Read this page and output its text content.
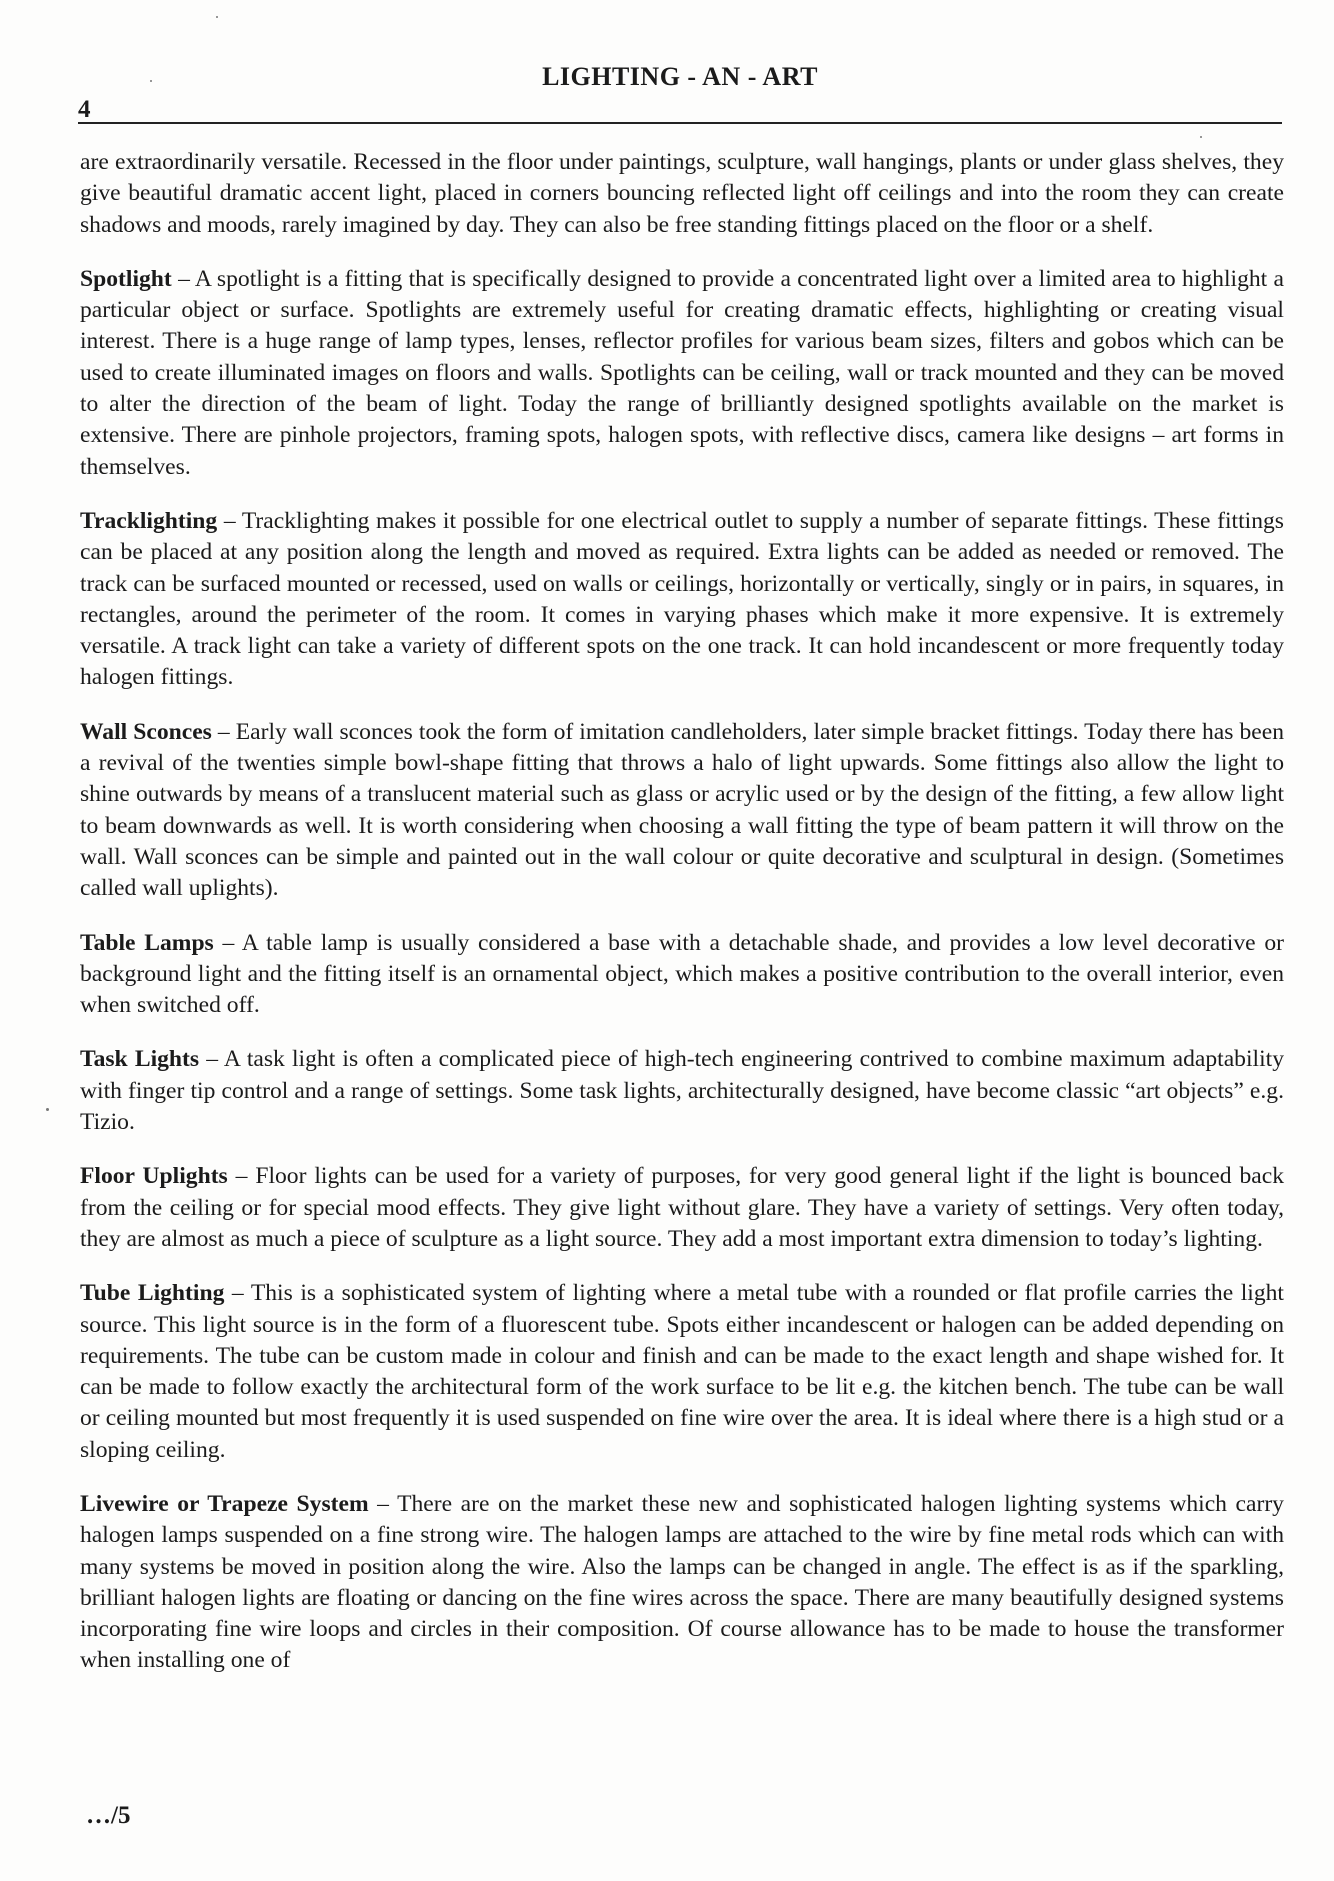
LIGHTING - AN - ART
4

are extraordinarily versatile. Recessed in the floor under paintings, sculpture, wall hangings, plants or under glass shelves, they give beautiful dramatic accent light, placed in corners bouncing reflected light off ceilings and into the room they can create shadows and moods, rarely imagined by day. They can also be free standing fittings placed on the floor or a shelf.

Spotlight – A spotlight is a fitting that is specifically designed to provide a concentrated light over a limited area to highlight a particular object or surface. Spotlights are extremely useful for creating dramatic effects, highlighting or creating visual interest. There is a huge range of lamp types, lenses, reflector profiles for various beam sizes, filters and gobos which can be used to create illuminated images on floors and walls. Spotlights can be ceiling, wall or track mounted and they can be moved to alter the direction of the beam of light. Today the range of brilliantly designed spotlights available on the market is extensive. There are pinhole projectors, framing spots, halogen spots, with reflective discs, camera like designs – art forms in themselves.

Tracklighting – Tracklighting makes it possible for one electrical outlet to supply a number of separate fittings. These fittings can be placed at any position along the length and moved as required. Extra lights can be added as needed or removed. The track can be surfaced mounted or recessed, used on walls or ceilings, horizontally or vertically, singly or in pairs, in squares, in rectangles, around the perimeter of the room. It comes in varying phases which make it more expensive. It is extremely versatile. A track light can take a variety of different spots on the one track. It can hold incandescent or more frequently today halogen fittings.

Wall Sconces – Early wall sconces took the form of imitation candleholders, later simple bracket fittings. Today there has been a revival of the twenties simple bowl-shape fitting that throws a halo of light upwards. Some fittings also allow the light to shine outwards by means of a translucent material such as glass or acrylic used or by the design of the fitting, a few allow light to beam downwards as well. It is worth considering when choosing a wall fitting the type of beam pattern it will throw on the wall. Wall sconces can be simple and painted out in the wall colour or quite decorative and sculptural in design. (Sometimes called wall uplights).

Table Lamps – A table lamp is usually considered a base with a detachable shade, and provides a low level decorative or background light and the fitting itself is an ornamental object, which makes a positive contribution to the overall interior, even when switched off.

Task Lights – A task light is often a complicated piece of high-tech engineering contrived to combine maximum adaptability with finger tip control and a range of settings. Some task lights, architecturally designed, have become classic “art objects” e.g. Tizio.

Floor Uplights – Floor lights can be used for a variety of purposes, for very good general light if the light is bounced back from the ceiling or for special mood effects. They give light without glare. They have a variety of settings. Very often today, they are almost as much a piece of sculpture as a light source. They add a most important extra dimension to today’s lighting.

Tube Lighting – This is a sophisticated system of lighting where a metal tube with a rounded or flat profile carries the light source. This light source is in the form of a fluorescent tube. Spots either incandescent or halogen can be added depending on requirements. The tube can be custom made in colour and finish and can be made to the exact length and shape wished for. It can be made to follow exactly the architectural form of the work surface to be lit e.g. the kitchen bench. The tube can be wall or ceiling mounted but most frequently it is used suspended on fine wire over the area. It is ideal where there is a high stud or a sloping ceiling.

Livewire or Trapeze System – There are on the market these new and sophisticated halogen lighting systems which carry halogen lamps suspended on a fine strong wire. The halogen lamps are attached to the wire by fine metal rods which can with many systems be moved in position along the wire. Also the lamps can be changed in angle. The effect is as if the sparkling, brilliant halogen lights are floating or dancing on the fine wires across the space. There are many beautifully designed systems incorporating fine wire loops and circles in their composition. Of course allowance has to be made to house the transformer when installing one of

…/5
